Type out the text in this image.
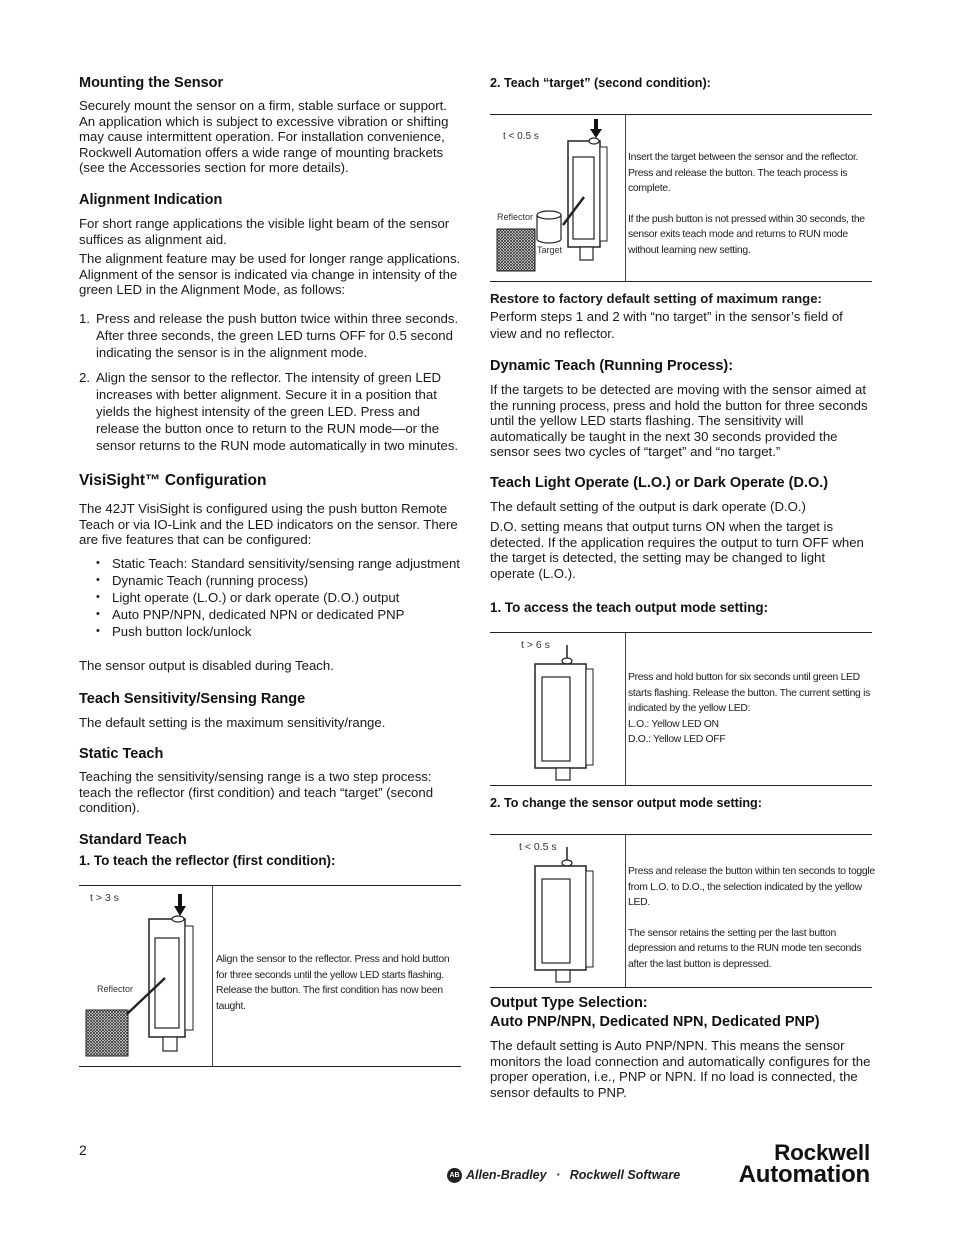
Mounting the Sensor

Securely mount the sensor on a firm, stable surface or support. An application which is subject to excessive vibration or shifting may cause intermittent operation. For installation convenience, Rockwell Automation offers a wide range of mounting brackets (see the Accessories section for more details).

Alignment Indication

For short range applications the visible light beam of the sensor suffices as alignment aid.

The alignment feature may be used for longer range applications. Alignment of the sensor is indicated via change in intensity of the green LED in the Alignment Mode, as follows:

1. Press and release the push button twice within three seconds. After three seconds, the green LED turns OFF for 0.5 second indicating the sensor is in the alignment mode.
2. Align the sensor to the reflector. The intensity of green LED increases with better alignment. Secure it in a position that yields the highest intensity of the green LED. Press and release the button once to return to the RUN mode—or the sensor returns to the RUN mode automatically in two minutes.
VisiSight™ Configuration

The 42JT VisiSight is configured using the push button Remote Teach or via IO-Link and the LED indicators on the sensor. There are five features that can be configured:

• Static Teach: Standard sensitivity/sensing range adjustment
• Dynamic Teach (running process)
• Light operate (L.O.) or dark operate (D.O.) output
• Auto PNP/NPN, dedicated NPN or dedicated PNP
• Push button lock/unlock

The sensor output is disabled during Teach.

Teach Sensitivity/Sensing Range

The default setting is the maximum sensitivity/range.

Static Teach

Teaching the sensitivity/sensing range is a two step process: teach the reflector (first condition) and teach “target” (second condition).

Standard Teach
1. To teach the reflector (first condition):
t > 3 s
Reflector
Align the sensor to the reflector. Press and hold button for three seconds until the yellow LED starts flashing. Release the button. The first condition has now been taught.
2. Teach “target” (second condition):
t < 0.5 s
Reflector
Target

Insert the target between the sensor and the reflector. Press and release the button. The teach process is complete.

If the push button is not pressed within 30 seconds, the sensor exits teach mode and returns to RUN mode without learning new setting.

Restore to factory default setting of maximum range: Perform steps 1 and 2 with “no target” in the sensor’s field of view and no reflector.

Dynamic Teach (Running Process):

If the targets to be detected are moving with the sensor aimed at the running process, press and hold the button for three seconds until the yellow LED starts flashing. The sensitivity will automatically be taught in the next 30 seconds provided the sensor sees two cycles of “target” and “no target.”

Teach Light Operate (L.O.) or Dark Operate (D.O.)

The default setting of the output is dark operate (D.O.)

D.O. setting means that output turns ON when the target is detected. If the application requires the output to turn OFF when the target is detected, the setting may be changed to light operate (L.O.).

1. To access the teach output mode setting:
t > 6 s

Press and hold button for six seconds until green LED starts flashing. Release the button. The current setting is indicated by the yellow LED:

L.O.: Yellow LED ON

D.O.: Yellow LED OFF

2. To change the sensor output mode setting:
t < 0.5 s

Press and release the button within ten seconds to toggle from L.O. to D.O., the selection indicated by the yellow LED.

The sensor retains the setting per the last button depression and returns to the RUN mode ten seconds after the last button is depressed.

Output Type Selection:
Auto PNP/NPN, Dedicated NPN, Dedicated PNP)

The default setting is Auto PNP/NPN. This means the sensor monitors the load connection and automatically configures for the proper operation, i.e., PNP or NPN. If no load is connected, the sensor defaults to PNP.

2
AB Allen-Bradley · Rockwell Software
Rockwell
Automation
